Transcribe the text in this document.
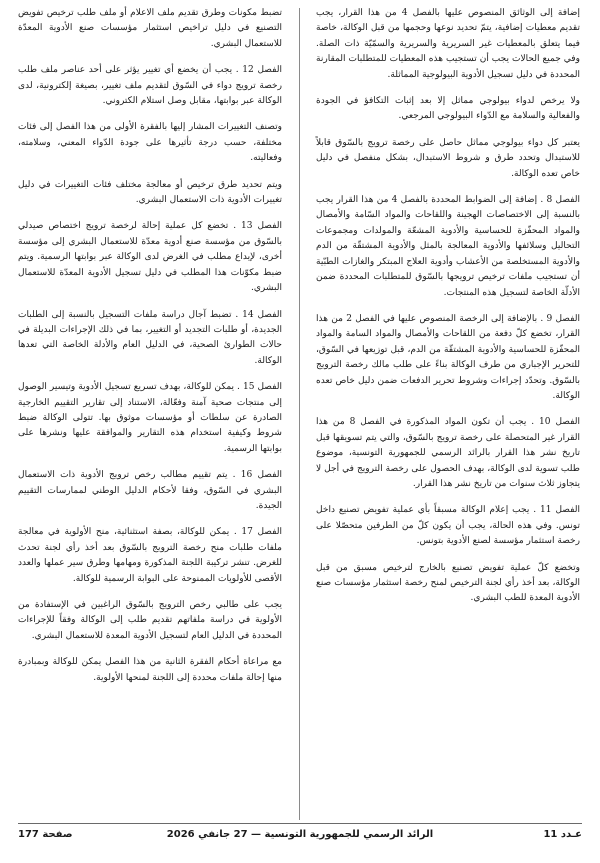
إضافة إلى الوثائق المنصوص عليها بالفصل 4 من هذا القرار، يجب تقديم معطيات إضافية، يتمّ تحديد نوعها وحجمها من قبل الوكالة، خاصة فيما يتعلق بالمعطيات غير السريرية والسريرية والسمّيّة ذات الصلة. وفي جميع الحالات يجب أن تستجيب هذه المعطيات للمتطلبات المقارنة المحددة في دليل تسجيل الأدوية البيولوجية المماثلة.

ولا يرخص لدواء بيولوجي مماثل إلا بعد إثبات التكافؤ في الجودة والفعالية والسلامة مع الدّواء البيولوجي المرجعي.

يعتبر كل دواء بيولوجي مماثل حاصل على رخصة ترويج بالسّوق قابلاً للاستبدال وتحدد طرق و شروط الاستبدال، بشكل منفصل في دليل خاص تعده الوكالة.

الفصل 8 . إضافة إلى الضوابط المحددة بالفصل 4 من هذا القرار يجب بالنسبة إلى الاختصاصات الهجينة واللقاحات والمواد السّامة والأمصال والمواد المحفّزة للحساسية والأدوية المشعّة والمولدات ومجموعات التحاليل وسلائفها والأدوية المعالجة بالمثل والأدوية المشتقّة من الدم والأدوية المستخلصة من الأعشاب وأدوية العلاج المبتكر والغازات الطبّية أن تستجيب ملفات ترخيص ترويجها بالسّوق للمتطلبات المحددة ضمن الأدلّة الخاصة لتسجيل هذه المنتجات.

الفصل 9 . بالإضافة إلى الرخصة المنصوص عليها في الفصل 2 من هذا القرار، تخضع كلّ دفعة من اللقاحات والأمصال والمواد السامة والمواد المحفّزة للحساسية والأدوية المشتقّة من الدم، قبل توزيعها في السّوق، للتحرير الإجباري من طرف الوكالة بناءً على طلب مالك رخصة الترويج بالسّوق. وتحدّد إجراءات وشروط تحرير الدفعات ضمن دليل خاص تعده الوكالة.

الفصل 10 . يجب أن تكون المواد المذكورة في الفصل 8 من هذا القرار غير المتحصلة على رخصة ترويج بالسّوق، والتي يتم تسويقها قبل تاريخ نشر هذا القرار بالرائد الرسمي للجمهورية التونسية، موضوع طلب تسوية لدى الوكالة، بهدف الحصول على رخصة الترويج في أجل لا يتجاوز ثلاث سنوات من تاريخ نشر هذا القرار.

الفصل 11 . يجب إعلام الوكالة مسبقاً بأي عملية تفويض تصنيع داخل تونس. وفي هذه الحالة، يجب أن يكون كلّ من الطرفين متحصّلا على رخصة استثمار مؤسسة لصنع الأدوية بتونس.

وتخضع كلّ عملية تفويض تصنيع بالخارج لترخيص مسبق من قبل الوكالة، بعد أخذ رأي لجنة الترخيص لمنح رخصة استثمار مؤسسات صنع الأدوية المعدة للطب البشري.

تضبط مكونات وطرق تقديم ملف الاعلام أو ملف طلب ترخيص تفويض التصنيع في دليل تراخيص استثمار مؤسسات صنع الأدوية المعدّة للاستعمال البشري.

الفصل 12 . يجب أن يخضع أي تغيير يؤثر على أحد عناصر ملف طلب رخصة ترويج دواء في السّوق لتقديم ملف تغيير، بصيغة إلكترونية، لدى الوكالة عبر بوابتها، مقابل وصل استلام الكتروني.

وتصنف التغييرات المشار إليها بالفقرة الأولى من هذا الفصل إلى فئات مختلفة، حسب درجة تأثيرها على جودة الدّواء المعني، وسلامته، وفعاليته.

ويتم تحديد طرق ترخيص أو معالجة مختلف فئات التغييرات في دليل تغييرات الأدوية ذات الاستعمال البشري.

الفصل 13 . تخضع كل عملية إحالة لرخصة ترويج اختصاص صيدلي بالسّوق من مؤسسة صنع أدوية معدّة للاستعمال البشري إلى مؤسسة أخرى، لإيداع مطلب في الغرض لدى الوكالة عبر بوابتها الرسمية. ويتم ضبط مكوّنات هذا المطلب في دليل تسجيل الأدوية المعدّة للاستعمال البشري.

الفصل 14 . تضبط آجال دراسة ملفات التسجيل بالنسبة إلى الطلبات الجديدة، أو طلبات التجديد أو التغيير، بما في ذلك الإجراءات البديلة في حالات الطوارئ الصحية، في الدليل العام والأدلة الخاصة التي تعدها الوكالة.

الفصل 15 . يمكن للوكالة، بهدف تسريع تسجيل الأدوية وتيسير الوصول إلى منتجات صحية آمنة وفعّالة، الاستناد إلى تقارير التقييم الخارجية الصادرة عن سلطات أو مؤسسات موثوق بها. تتولى الوكالة ضبط شروط وكيفية استخدام هذه التقارير والموافقة عليها ونشرها على بوابتها الرسمية.

الفصل 16 . يتم تقييم مطالب رخص ترويج الأدوية ذات الاستعمال البشري في السّوق، وفقا لأحكام الدليل الوطني لممارسات التقييم الجيدة.

الفصل 17 . يمكن للوكالة، بصفة استثنائية، منح الأولوية في معالجة ملفات طلبات منح رخصة الترويج بالسّوق بعد أخذ رأي لجنة تحدث للغرض. تنشر تركيبة اللجنة المذكورة ومهامها وطرق سير عملها والعدد الأقصى للأولويات الممنوحة على البوابة الرسمية للوكالة.

يجب على طالبي رخص الترويج بالسّوق الراغبين في الإستفادة من الأولوية في دراسة ملفاتهم تقديم طلب إلى الوكالة وفقاً للإجراءات المحددة في الدليل العام لتسجيل الأدوية المعدة للاستعمال البشري.

مع مراعاة أحكام الفقرة الثانية من هذا الفصل يمكن للوكالة وبمبادرة منها إحالة ملفات محددة إلى اللجنة لمنحها الأولوية.

عـدد 11
الرائد الرسمي للجمهورية التونسية — 27 جانفي 2026
صفحة 177
